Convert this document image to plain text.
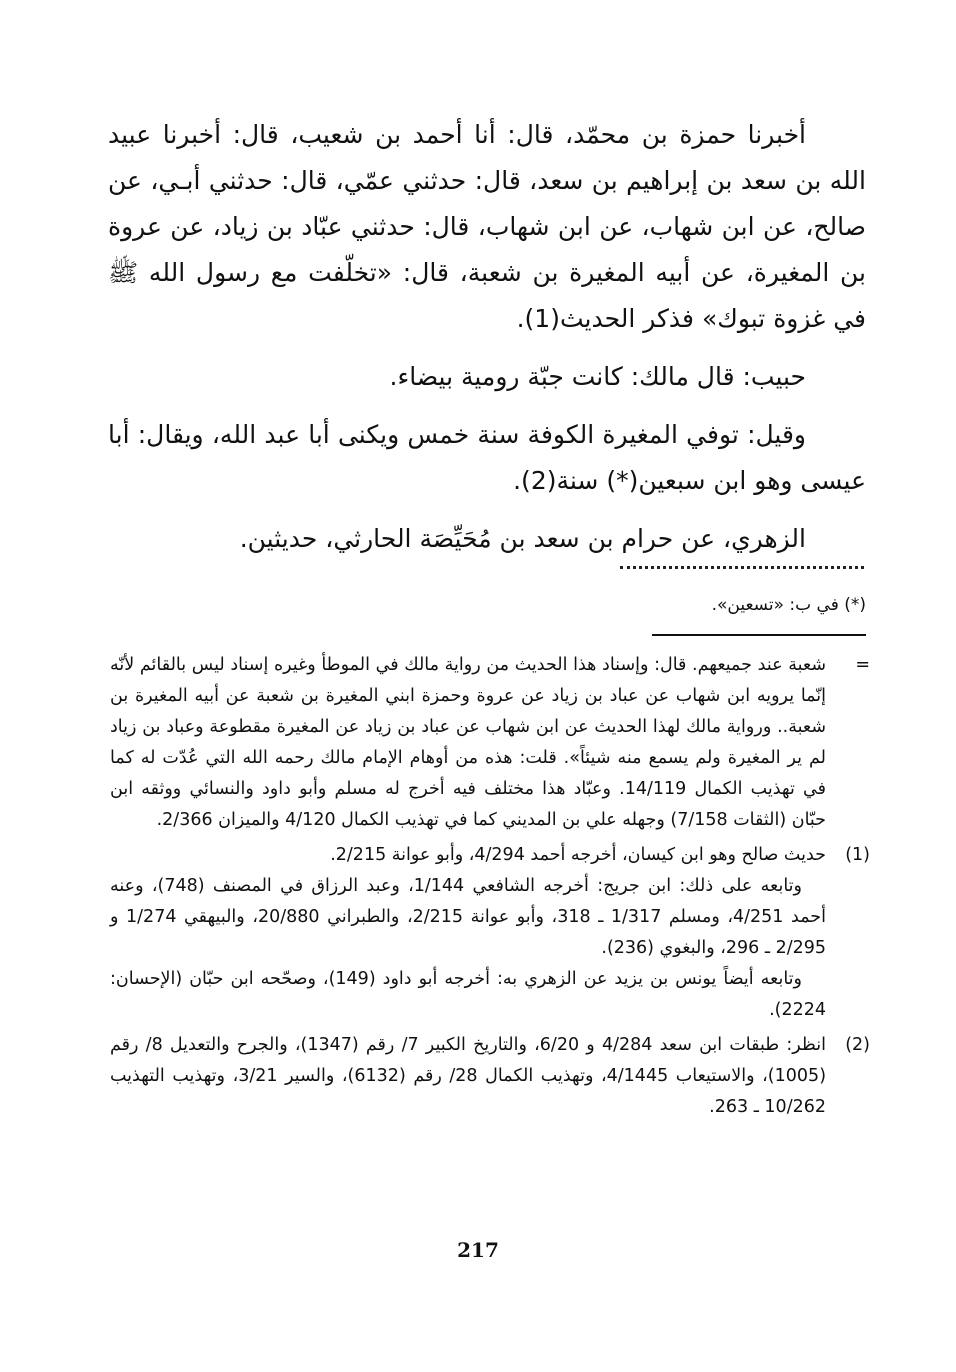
أخبرنا حمزة بن محمّد، قال: أنا أحمد بن شعيب، قال: أخبرنا عبيد الله بن سعد بن إبراهيم بن سعد، قال: حدثني عمّي، قال: حدثني أبـي، عن صالح، عن ابن شهاب، عن ابن شهاب، قال: حدثني عبّاد بن زياد، عن عروة بن المغيرة، عن أبيه المغيرة بن شعبة، قال: «تخلّفت مع رسول الله ﷺ في غزوة تبوك» فذكر الحديث(1).

حبيب: قال مالك: كانت جبّة رومية بيضاء.

وقيل: توفي المغيرة الكوفة سنة خمس ويكنى أبا عبد الله، ويقال: أبا عيسى وهو ابن سبعين(*) سنة(2).

الزهري، عن حرام بن سعد بن مُحَيِّصَة الحارثي، حديثين.

(*) في ب: «تسعين».
=

شعبة عند جميعهم. قال: وإسناد هذا الحديث من رواية مالك في الموطأ وغيره إسناد ليس بالقائم لأنّه إنّما يرويه ابن شهاب عن عباد بن زياد عن عروة وحمزة ابني المغيرة بن شعبة عن أبيه المغيرة بن شعبة.. ورواية مالك لهذا الحديث عن ابن شهاب عن عباد بن زياد عن المغيرة مقطوعة وعباد بن زياد لم ير المغيرة ولم يسمع منه شيئاً». قلت: هذه من أوهام الإمام مالك رحمه الله التي عُدّت له كما في تهذيب الكمال 14/119. وعبّاد هذا مختلف فيه أخرج له مسلم وأبو داود والنسائي ووثقه ابن حبّان (الثقات 7/158) وجهله علي بن المديني كما في تهذيب الكمال 4/120 والميزان 2/366.

(1)

حديث صالح وهو ابن كيسان، أخرجه أحمد 4/294، وأبو عوانة 2/215.

وتابعه على ذلك: ابن جريج: أخرجه الشافعي 1/144، وعبد الرزاق في المصنف (748)، وعنه أحمد 4/251، ومسلم 1/317 ـ 318، وأبو عوانة 2/215، والطبراني 20/880، والبيهقي 1/274 و 2/295 ـ 296، والبغوي (236).

وتابعه أيضاً يونس بن يزيد عن الزهري به: أخرجه أبو داود (149)، وصحّحه ابن حبّان (الإحسان: 2224).

(2)

انظر: طبقات ابن سعد 4/284 و 6/20، والتاريخ الكبير 7/ رقم (1347)، والجرح والتعديل 8/ رقم (1005)، والاستيعاب 4/1445، وتهذيب الكمال 28/ رقم (6132)، والسير 3/21، وتهذيب التهذيب 10/262 ـ 263.

217
